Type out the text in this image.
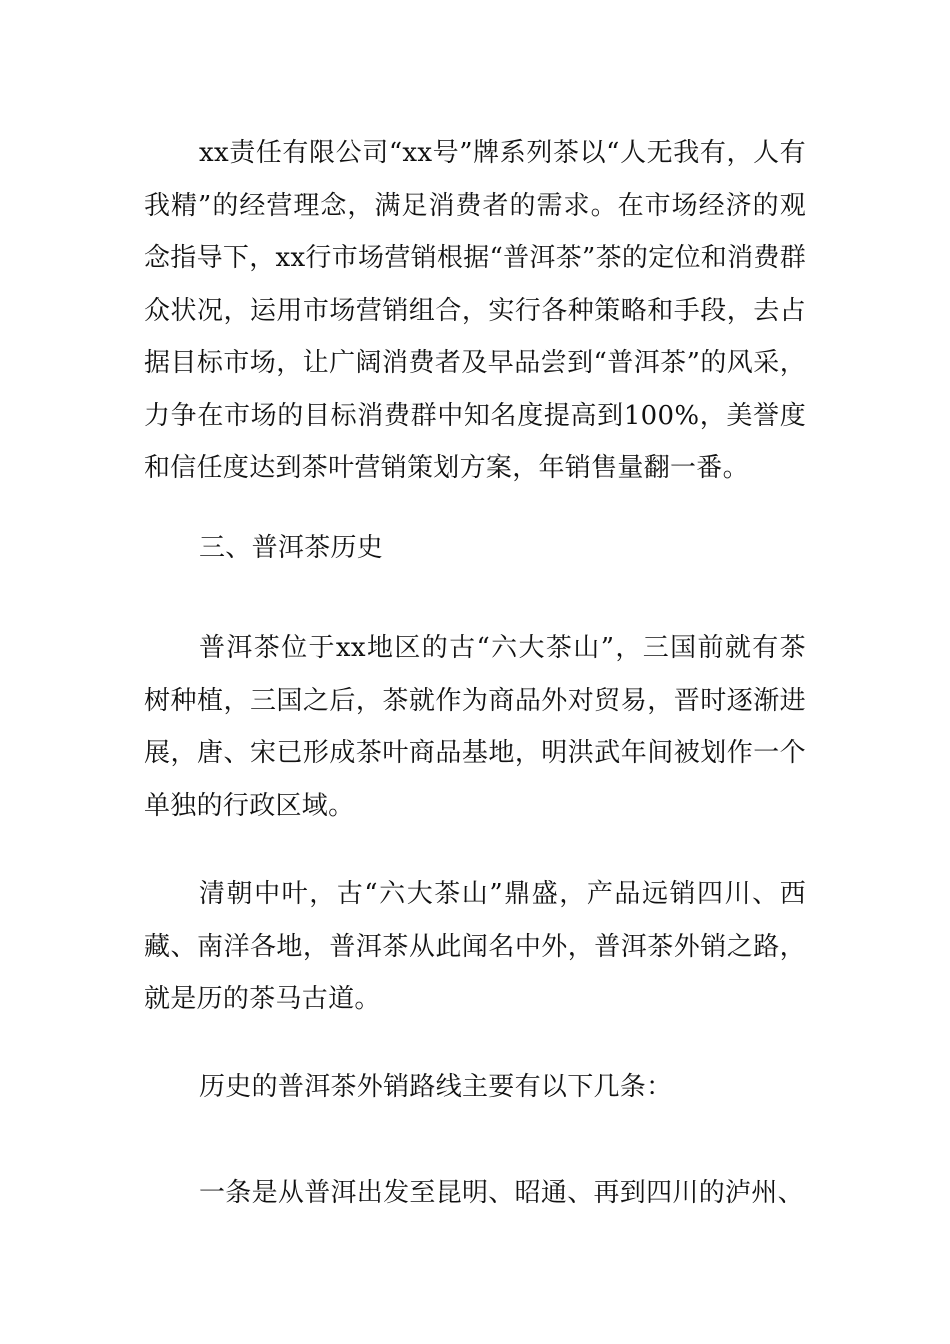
xx责任有限公司“xx号”牌系列茶以“人无我有，人有我精”的经营理念，满足消费者的需求。在市场经济的观念指导下，xx行市场营销根据“普洱茶”茶的定位和消费群众状况，运用市场营销组合，实行各种策略和手段，去占据目标市场，让广阔消费者及早品尝到“普洱茶”的风采，力争在市场的目标消费群中知名度提高到100%，美誉度和信任度达到茶叶营销策划方案，年销售量翻一番。

三、普洱茶历史

普洱茶位于xx地区的古“六大茶山”，三国前就有茶树种植，三国之后，茶就作为商品外对贸易，晋时逐渐进展，唐、宋已形成茶叶商品基地，明洪武年间被划作一个单独的行政区域。

清朝中叶，古“六大茶山”鼎盛，产品远销四川、西藏、南洋各地，普洱茶从此闻名中外，普洱茶外销之路，就是历的茶马古道。

历史的普洱茶外销路线主要有以下几条：

一条是从普洱出发至昆明、昭通、再到四川的泸州、
